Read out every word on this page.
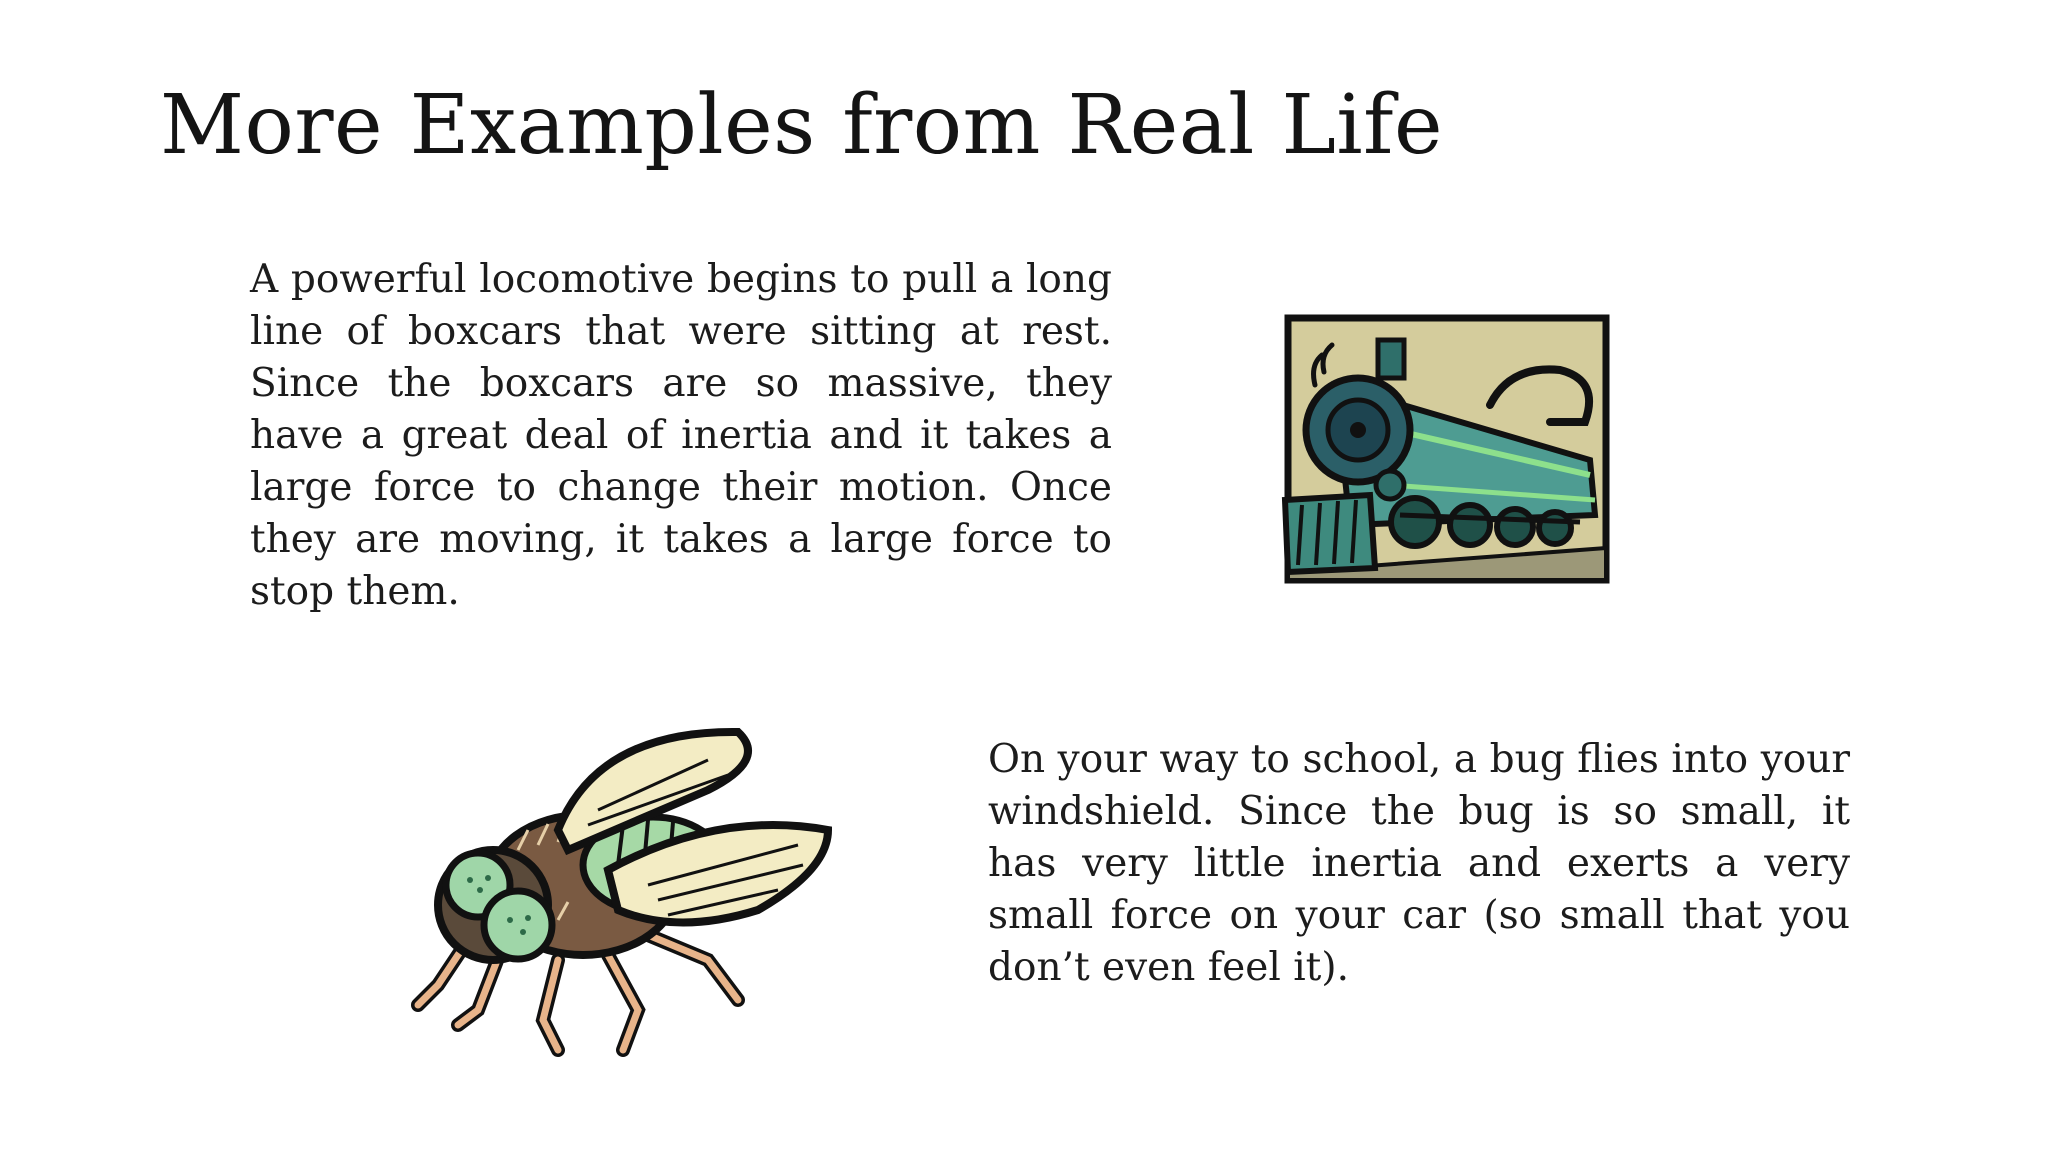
More Examples from Real Life

A powerful locomotive begins to pull a long line of boxcars that were sitting at rest. Since the boxcars are so massive, they have a great deal of inertia and it takes a large force to change their motion. Once they are moving, it takes a large force to stop them.

On your way to school, a bug flies into your windshield. Since the bug is so small, it has very little inertia and exerts a very small force on your car (so small that you don’t even feel it).
